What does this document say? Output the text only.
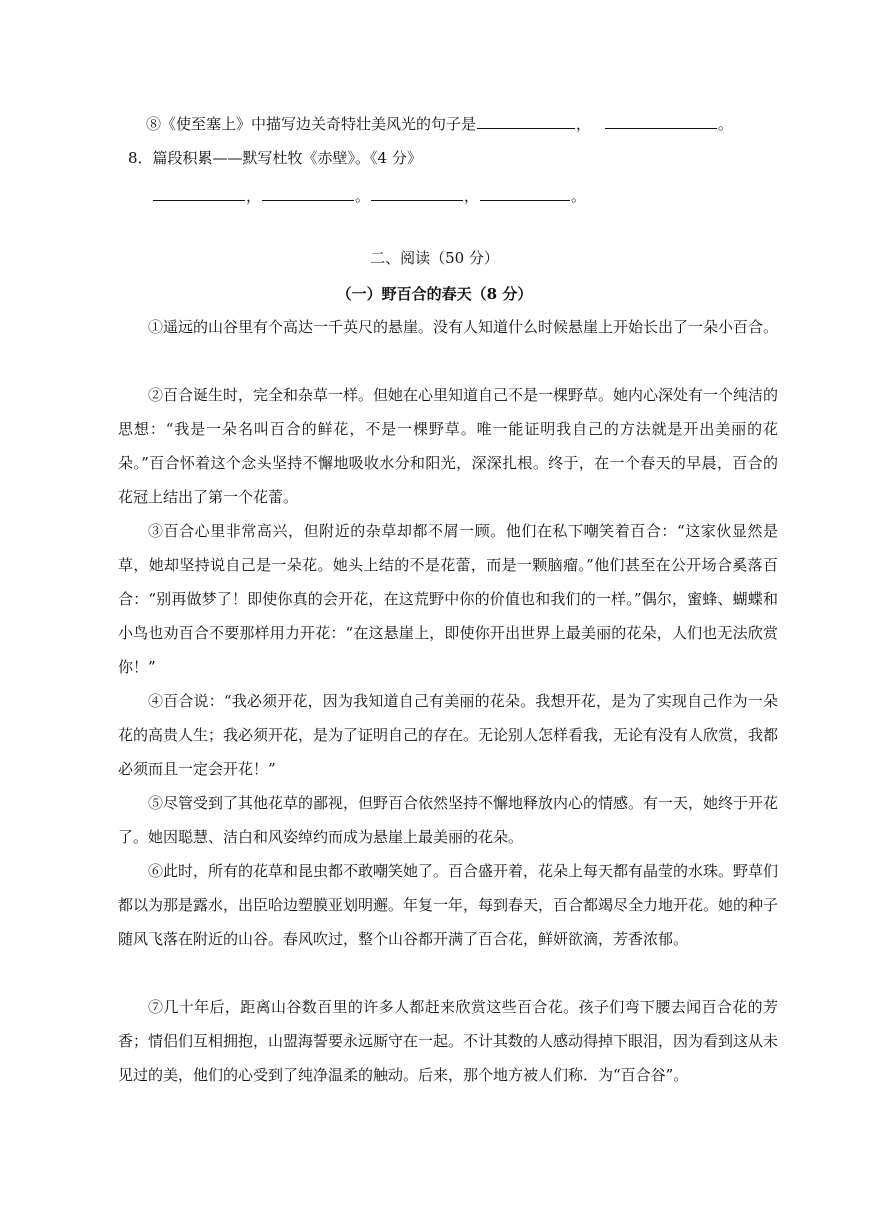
⑧《使至塞上》中描写边关奇特壮美风光的句子是	，	。
8．篇段积累——默写杜牧《赤壁》。《4 分》
，	。	，	。
二、阅读（50 分）
（一）野百合的春天（8 分）

①遥远的山谷里有个高达一千英尺的悬崖。没有人知道什么时候悬崖上开始长出了一朵小百合。

②百合诞生时，完全和杂草一样。但她在心里知道自己不是一棵野草。她内心深处有一个纯洁的思想：“我是一朵名叫百合的鲜花，不是一棵野草。唯一能证明我自己的方法就是开出美丽的花朵。”百合怀着这个念头坚持不懈地吸收水分和阳光，深深扎根。终于，在一个春天的早晨，百合的花冠上结出了第一个花蕾。

③百合心里非常高兴，但附近的杂草却都不屑一顾。他们在私下嘲笑着百合：“这家伙显然是草，她却坚持说自己是一朵花。她头上结的不是花蕾，而是一颗脑瘤。”他们甚至在公开场合奚落百合：“别再做梦了！即使你真的会开花，在这荒野中你的价值也和我们的一样。”偶尔，蜜蜂、蝴蝶和小鸟也劝百合不要那样用力开花：“在这悬崖上，即使你开出世界上最美丽的花朵，人们也无法欣赏你！”

④百合说：“我必须开花，因为我知道自己有美丽的花朵。我想开花，是为了实现自己作为一朵花的高贵人生；我必须开花，是为了证明自己的存在。无论别人怎样看我，无论有没有人欣赏，我都必须而且一定会开花！”

⑤尽管受到了其他花草的鄙视，但野百合依然坚持不懈地释放内心的情感。有一天，她终于开花了。她因聪慧、洁白和风姿绰约而成为悬崖上最美丽的花朵。

⑥此时，所有的花草和昆虫都不敢嘲笑她了。百合盛开着，花朵上每天都有晶莹的水珠。野草们都以为那是露水，出臣哈边塑膜亚划明邂。年复一年，每到春天，百合都竭尽全力地开花。她的种子随风飞落在附近的山谷。春风吹过，整个山谷都开满了百合花，鲜妍欲滴，芳香浓郁。

⑦几十年后，距离山谷数百里的许多人都赶来欣赏这些百合花。孩子们弯下腰去闻百合花的芳香；情侣们互相拥抱，山盟海誓要永远厮守在一起。不计其数的人感动得掉下眼泪，因为看到这从未见过的美，他们的心受到了纯净温柔的触动。后来，那个地方被人们称．为“百合谷”。
